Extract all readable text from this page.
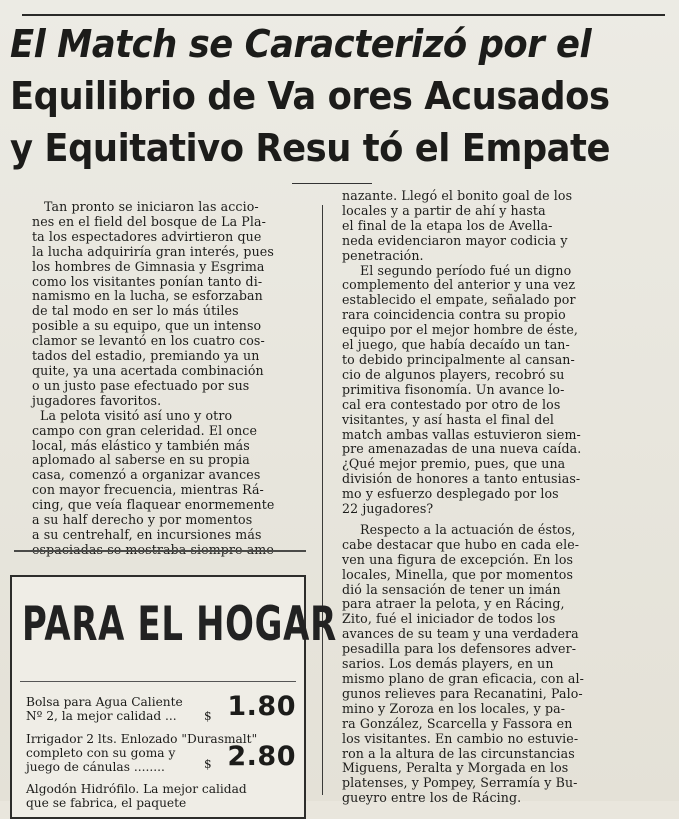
El Match se Caracterizó por el
Equilibrio de Va ores Acusados
y Equitativo Resu tó el Empate
Tan pronto se iniciaron las accio-
nes en el field del bosque de La Pla-
ta los espectadores advirtieron que
la lucha adquiriría gran interés, pues
los hombres de Gimnasia y Esgrima
como los visitantes ponían tanto di-
namismo en la lucha, se esforzaban
de tal modo en ser lo más útiles
posible a su equipo, que un intenso
clamor se levantó en los cuatro cos-
tados del estadio, premiando ya un
quite, ya una acertada combinación
o un justo pase efectuado por sus
jugadores favoritos.
La pelota visitó así uno y otro
campo con gran celeridad. El once
local, más elástico y también más
aplomado al saberse en su propia
casa, comenzó a organizar avances
con mayor frecuencia, mientras Rá-
cing, que veía flaquear enormemente
a su half derecho y por momentos
a su centrehalf, en incursiones más
espaciadas se mostraba siempre ame-
PARA EL HOGAR
Bolsa para Agua Caliente
Nº 2, la mejor calidad ...	$ 1.80
Irrigador 2 lts. Enlozado "Durasmalt"
completo con su goma y
juego de cánulas ........	$ 2.80
Algodón Hidrófilo. La mejor calidad
que se fabrica, el paquete
nazante. Llegó el bonito goal de los
locales y a partir de ahí y hasta
el final de la etapa los de Avella-
neda evidenciaron mayor codicia y
penetración.
El segundo período fué un digno
complemento del anterior y una vez
establecido el empate, señalado por
rara coincidencia contra su propio
equipo por el mejor hombre de éste,
el juego, que había decaído un tan-
to debido principalmente al cansan-
cio de algunos players, recobró su
primitiva fisonomía. Un avance lo-
cal era contestado por otro de los
visitantes, y así hasta el final del
match ambas vallas estuvieron siem-
pre amenazadas de una nueva caída.
¿Qué mejor premio, pues, que una
división de honores a tanto entusias-
mo y esfuerzo desplegado por los
22 jugadores?
Respecto a la actuación de éstos,
cabe destacar que hubo en cada ele-
ven una figura de excepción. En los
locales, Minella, que por momentos
dió la sensación de tener un imán
para atraer la pelota, y en Rácing,
Zito, fué el iniciador de todos los
avances de su team y una verdadera
pesadilla para los defensores adver-
sarios. Los demás players, en un
mismo plano de gran eficacia, con al-
gunos relieves para Recanatini, Palo-
mino y Zoroza en los locales, y pa-
ra González, Scarcella y Fassora en
los visitantes. En cambio no estuvie-
ron a la altura de las circunstancias
Miguens, Peralta y Morgada en los
platenses, y Pompey, Serramía y Bu-
gueyro entre los de Rácing.
